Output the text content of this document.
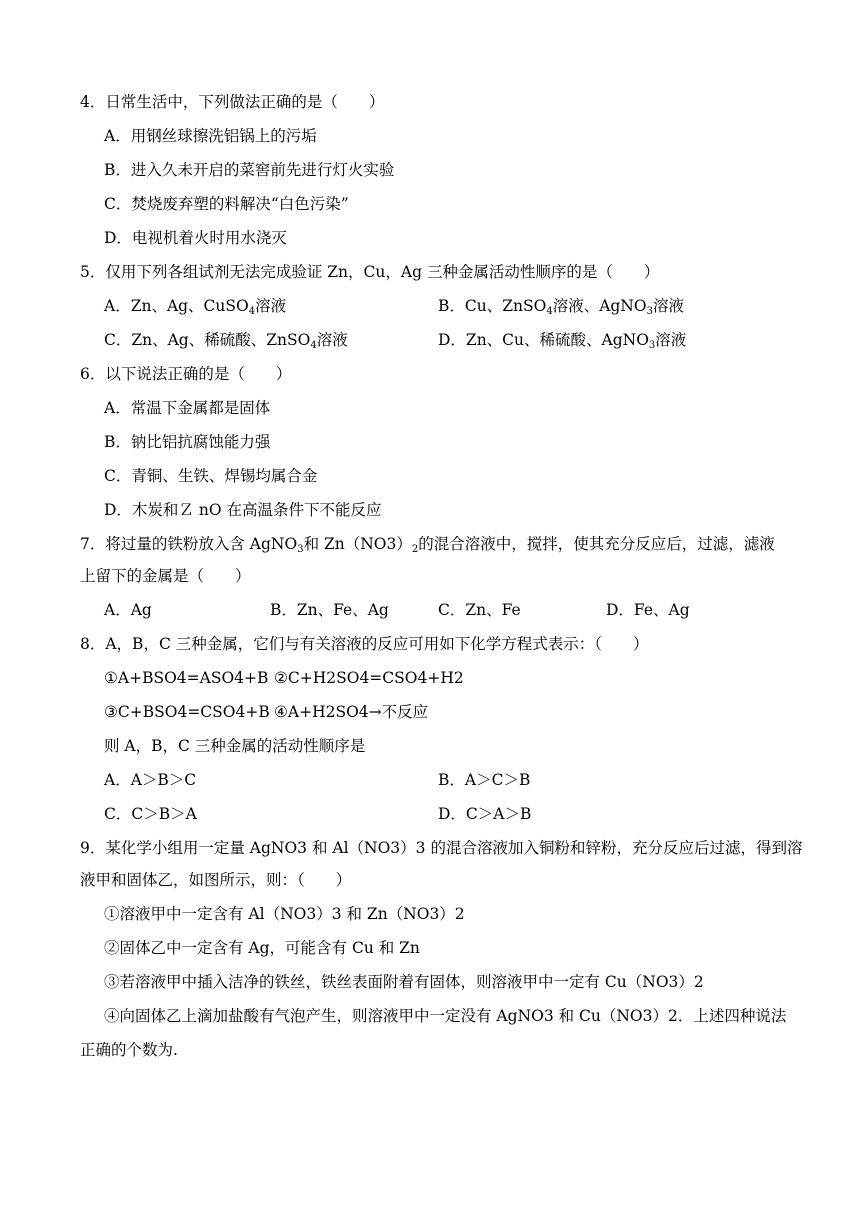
4．日常生活中，下列做法正确的是（　　）
A．用钢丝球擦洗铝锅上的污垢
B．进入久未开启的菜窖前先进行灯火实验
C．焚烧废弃塑的料解决“白色污染”
D．电视机着火时用水浇灭
5．仅用下列各组试剂无法完成验证 Zn，Cu，Ag 三种金属活动性顺序的是（　　）
A．Zn、Ag、CuSO$_4$溶液	B．Cu、ZnSO$_4$溶液、AgNO$_3$溶液
C．Zn、Ag、稀硫酸、ZnSO$_4$溶液	D．Zn、Cu、稀硫酸、AgNO$_3$溶液
6．以下说法正确的是（　　）
A．常温下金属都是固体
B．钠比铝抗腐蚀能力强
C．青铜、生铁、焊锡均属合金
D．木炭和Ｚ nO 在高温条件下不能反应
7．将过量的铁粉放入含 AgNO$_3$和 $Zn(NO3)_2$的混合溶液中，搅拌，使其充分反应后，过滤，滤液
上留下的金属是（　　）
A．Ag	B．Zn、Fe、Ag	C．Zn、Fe	D．Fe、Ag
8．A，B，C 三种金属，它们与有关溶液的反应可用如下化学方程式表示：（　　）
①A+BSO4=ASO4+B ②C+H2SO4=CSO4+H2
③C+BSO4=CSO4+B ④A+H2SO4→不反应
则 A，B，C 三种金属的活动性顺序是
A．A＞B＞C	B．A＞C＞B
C．C＞B＞A	D．C＞A＞B
9．某化学小组用一定量 AgNO3 和 Al（NO3）3 的混合溶液加入铜粉和锌粉，充分反应后过滤，得到溶
液甲和固体乙，如图所示，则：（　　）
①溶液甲中一定含有 Al（NO3）3 和 Zn（NO3）2
②固体乙中一定含有 Ag，可能含有 Cu 和 Zn
③若溶液甲中插入洁净的铁丝，铁丝表面附着有固体，则溶液甲中一定有 Cu（NO3）2
④向固体乙上滴加盐酸有气泡产生，则溶液甲中一定没有 AgNO3 和 Cu（NO3）2．上述四种说法
正确的个数为.
